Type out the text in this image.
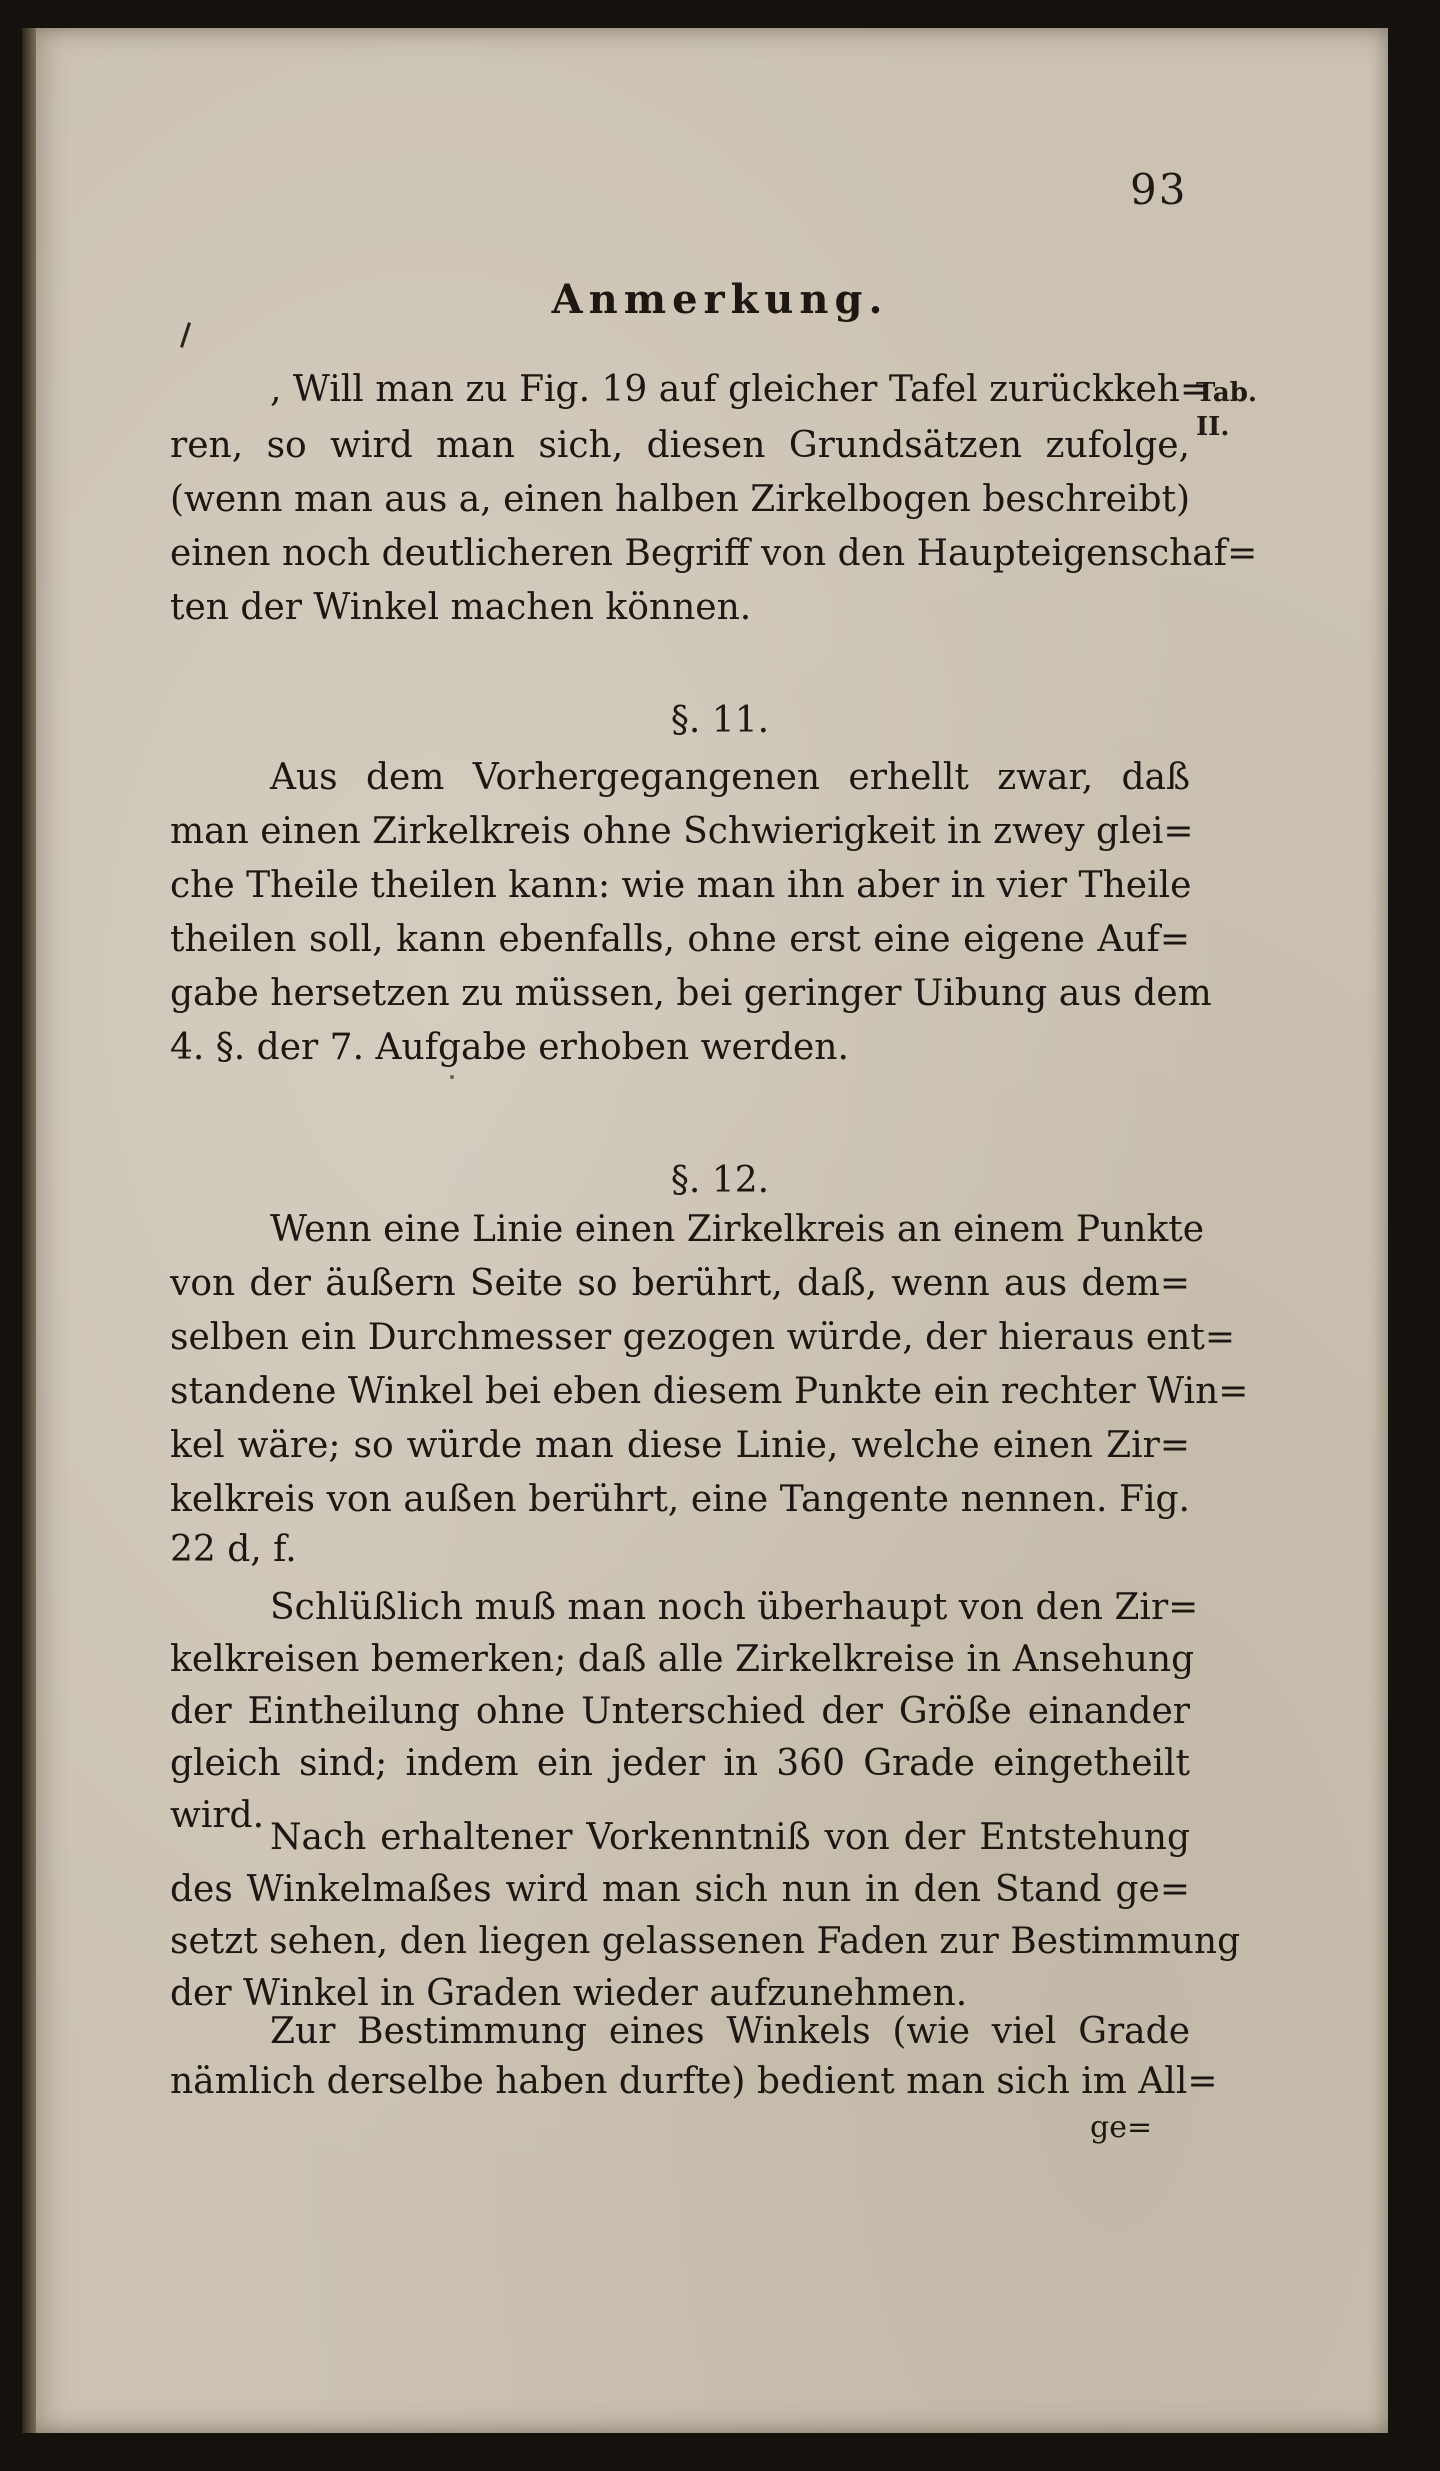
93
Tab.
II.
Anmerkung.
, Will man zu Fig. 19 auf gleicher Tafel zurückkeh=
ren, so wird man sich, diesen Grundsätzen zufolge,
(wenn man aus a, einen halben Zirkelbogen beschreibt)
einen noch deutlicheren Begriff von den Haupteigenschaf=
ten der Winkel machen können.
§. 11.
Aus dem Vorhergegangenen erhellt zwar, daß
man einen Zirkelkreis ohne Schwierigkeit in zwey glei=
che Theile theilen kann: wie man ihn aber in vier Theile
theilen soll, kann ebenfalls, ohne erst eine eigene Auf=
gabe hersetzen zu müssen, bei geringer Uibung aus dem
4. §. der 7. Aufgabe erhoben werden.
§. 12.
Wenn eine Linie einen Zirkelkreis an einem Punkte
von der äußern Seite so berührt, daß, wenn aus dem=
selben ein Durchmesser gezogen würde, der hieraus ent=
standene Winkel bei eben diesem Punkte ein rechter Win=
kel wäre; so würde man diese Linie, welche einen Zir=
kelkreis von außen berührt, eine Tangente nennen. Fig.
22 d, f.
Schlüßlich muß man noch überhaupt von den Zir=
kelkreisen bemerken; daß alle Zirkelkreise in Ansehung
der Eintheilung ohne Unterschied der Größe einander
gleich sind; indem ein jeder in 360 Grade eingetheilt
wird.
Nach erhaltener Vorkenntniß von der Entstehung
des Winkelmaßes wird man sich nun in den Stand ge=
setzt sehen, den liegen gelassenen Faden zur Bestimmung
der Winkel in Graden wieder aufzunehmen.
Zur Bestimmung eines Winkels (wie viel Grade
nämlich derselbe haben durfte) bedient man sich im All=
ge=
